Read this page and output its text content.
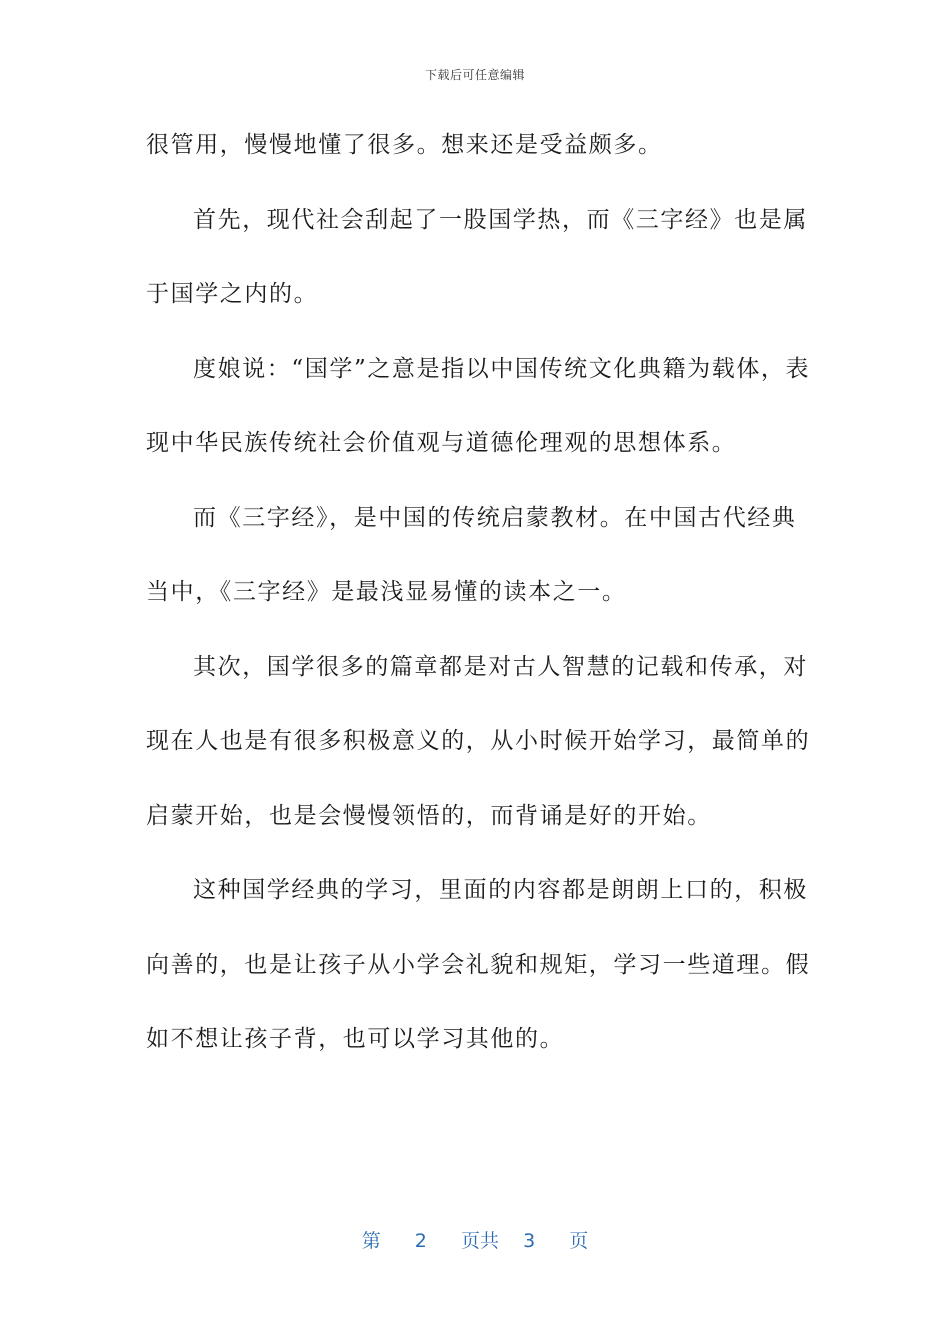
下载后可任意编辑
很管用，慢慢地懂了很多。想来还是受益颇多。
首先，现代社会刮起了一股国学热，而《三字经》也是属
于国学之内的。
度娘说：“国学”之意是指以中国传统文化典籍为载体，表
现中华民族传统社会价值观与道德伦理观的思想体系。
而《三字经》，是中国的传统启蒙教材。在中国古代经典
当中，《三字经》是最浅显易懂的读本之一。
其次，国学很多的篇章都是对古人智慧的记载和传承，对
现在人也是有很多积极意义的，从小时候开始学习，最简单的
启蒙开始，也是会慢慢领悟的，而背诵是好的开始。
这种国学经典的学习，里面的内容都是朗朗上口的，积极
向善的，也是让孩子从小学会礼貌和规矩，学习一些道理。假
如不想让孩子背，也可以学习其他的。
第 2 页共 3 页
